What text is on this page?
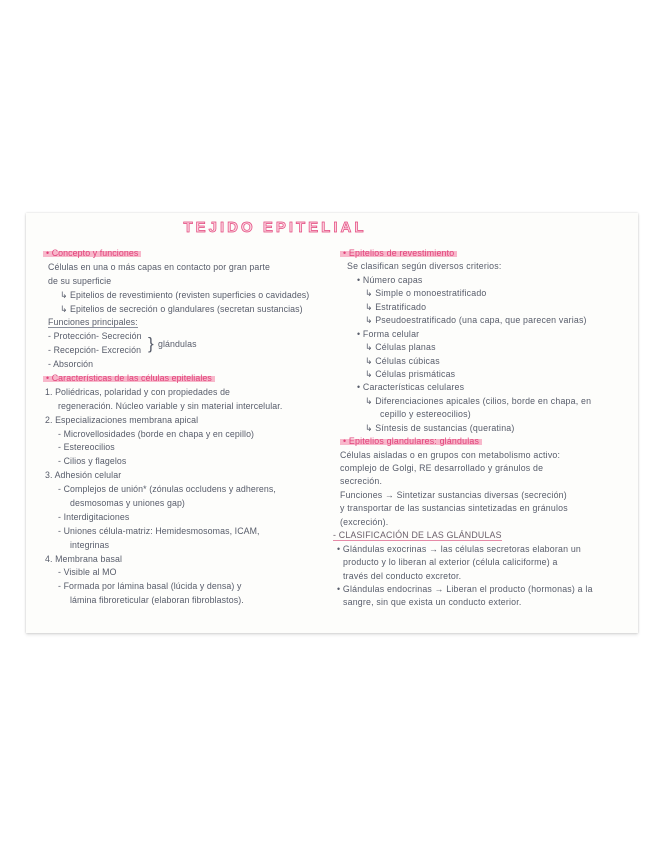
TEJIDO EPITELIAL
• Concepto y funciones
Células en una o más capas en contacto por gran parte
de su superficie
↳ Epitelios de revestimiento (revisten superficies o cavidades)
↳ Epitelios de secreción o glandulares (secretan sustancias)
Funciones principales:
- Protección- Secreción } glándulas
- Recepción- Excreción
- Absorción
• Características de las células epiteliales
1. Poliédricas, polaridad y con propiedades de
regeneración. Núcleo variable y sin material intercelular.
2. Especializaciones membrana apical
- Microvellosidades (borde en chapa y en cepillo)
- Estereocilios
- Cilios y flagelos
3. Adhesión celular
- Complejos de unión* (zónulas occludens y adherens,
desmosomas y uniones gap)
- Interdigitaciones
- Uniones célula-matriz: Hemidesmosomas, ICAM,
integrinas
4. Membrana basal
- Visible al MO
- Formada por lámina basal (lúcida y densa) y
lámina fibroreticular (elaboran fibroblastos).
• Epitelios de revestimiento
Se clasifican según diversos criterios:
• Número capas
↳ Simple o monoestratificado
↳ Estratificado
↳ Pseudoestratificado (una capa, que parecen varias)
• Forma celular
↳ Células planas
↳ Células cúbicas
↳ Células prismáticas
• Características celulares
↳ Diferenciaciones apicales (cilios, borde en chapa, en
cepillo y estereocilios)
↳ Síntesis de sustancias (queratina)
• Epitelios glandulares: glándulas
Células aisladas o en grupos con metabolismo activo:
complejo de Golgi, RE desarrollado y gránulos de
secreción.
Funciones → Sintetizar sustancias diversas (secreción)
y transportar de las sustancias sintetizadas en gránulos
(excreción).
- CLASIFICACIÓN DE LAS GLÁNDULAS
• Glándulas exocrinas → las células secretoras elaboran un
producto y lo liberan al exterior (célula caliciforme) a
través del conducto excretor.
• Glándulas endocrinas → Liberan el producto (hormonas) a la
sangre, sin que exista un conducto exterior.
